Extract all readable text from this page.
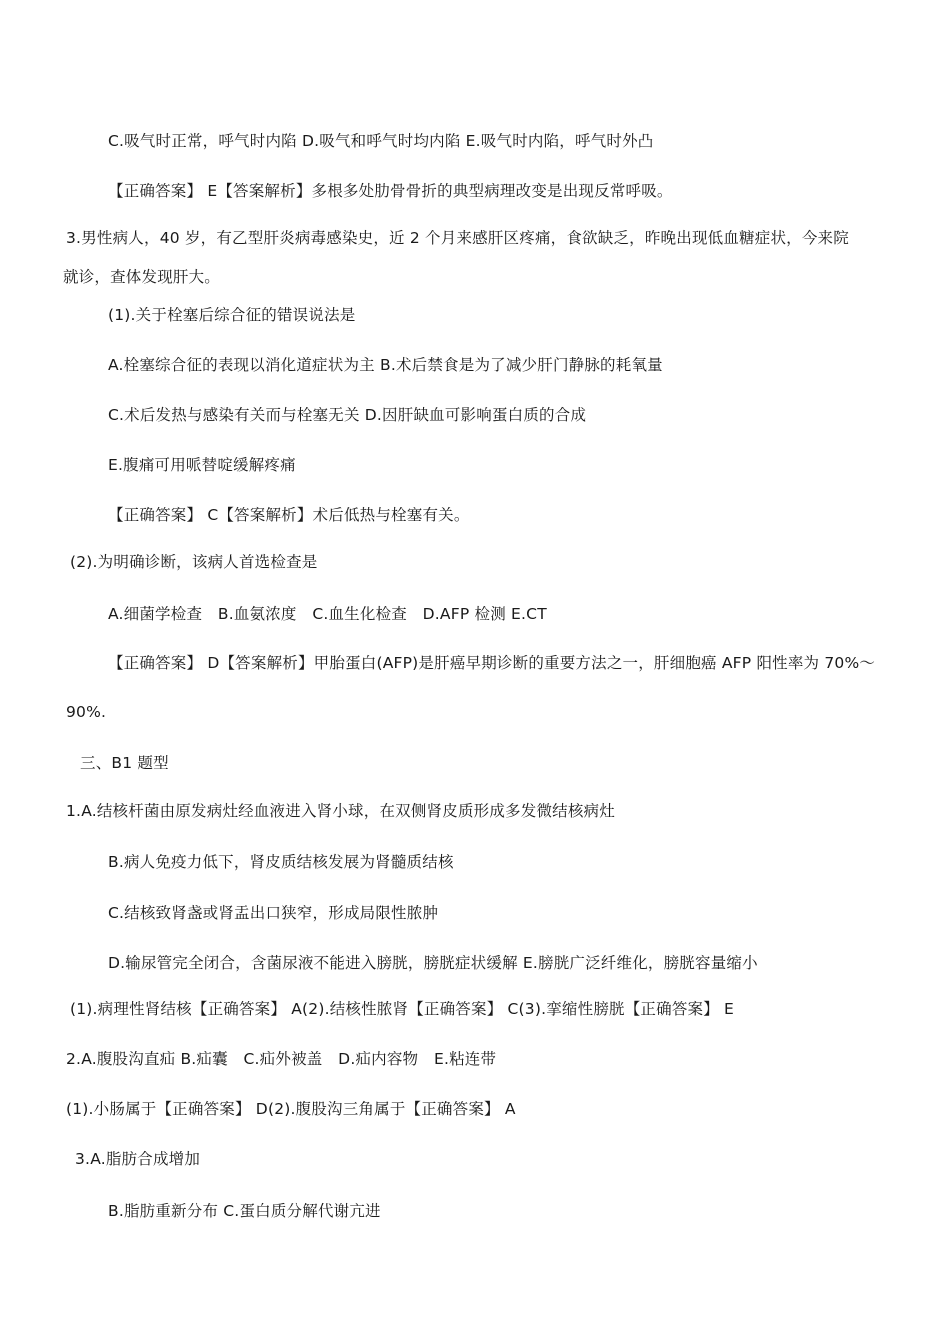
C.吸气时正常，呼气时内陷 D.吸气和呼气时均内陷 E.吸气时内陷，呼气时外凸
【正确答案】 E【答案解析】多根多处肋骨骨折的典型病理改变是出现反常呼吸。
3.男性病人，40 岁，有乙型肝炎病毒感染史，近 2 个月来感肝区疼痛，食欲缺乏，昨晚出现低血糖症状，今来院
就诊，查体发现肝大。
(1).关于栓塞后综合征的错误说法是
A.栓塞综合征的表现以消化道症状为主 B.术后禁食是为了减少肝门静脉的耗氧量
C.术后发热与感染有关而与栓塞无关 D.因肝缺血可影响蛋白质的合成
E.腹痛可用哌替啶缓解疼痛
【正确答案】 C【答案解析】术后低热与栓塞有关。
(2).为明确诊断，该病人首选检查是
A.细菌学检查　B.血氨浓度　C.血生化检查　D.AFP 检测 E.CT
【正确答案】 D【答案解析】甲胎蛋白(AFP)是肝癌早期诊断的重要方法之一，肝细胞癌 AFP 阳性率为 70%～
90%.
三、B1 题型
1.A.结核杆菌由原发病灶经血液进入肾小球，在双侧肾皮质形成多发微结核病灶
B.病人免疫力低下，肾皮质结核发展为肾髓质结核
C.结核致肾盏或肾盂出口狭窄，形成局限性脓肿
D.输尿管完全闭合，含菌尿液不能进入膀胱，膀胱症状缓解 E.膀胱广泛纤维化，膀胱容量缩小
(1).病理性肾结核【正确答案】 A(2).结核性脓肾【正确答案】 C(3).挛缩性膀胱【正确答案】 E
2.A.腹股沟直疝 B.疝囊　C.疝外被盖　D.疝内容物　E.粘连带
(1).小肠属于【正确答案】 D(2).腹股沟三角属于【正确答案】 A
3.A.脂肪合成增加
B.脂肪重新分布 C.蛋白质分解代谢亢进
